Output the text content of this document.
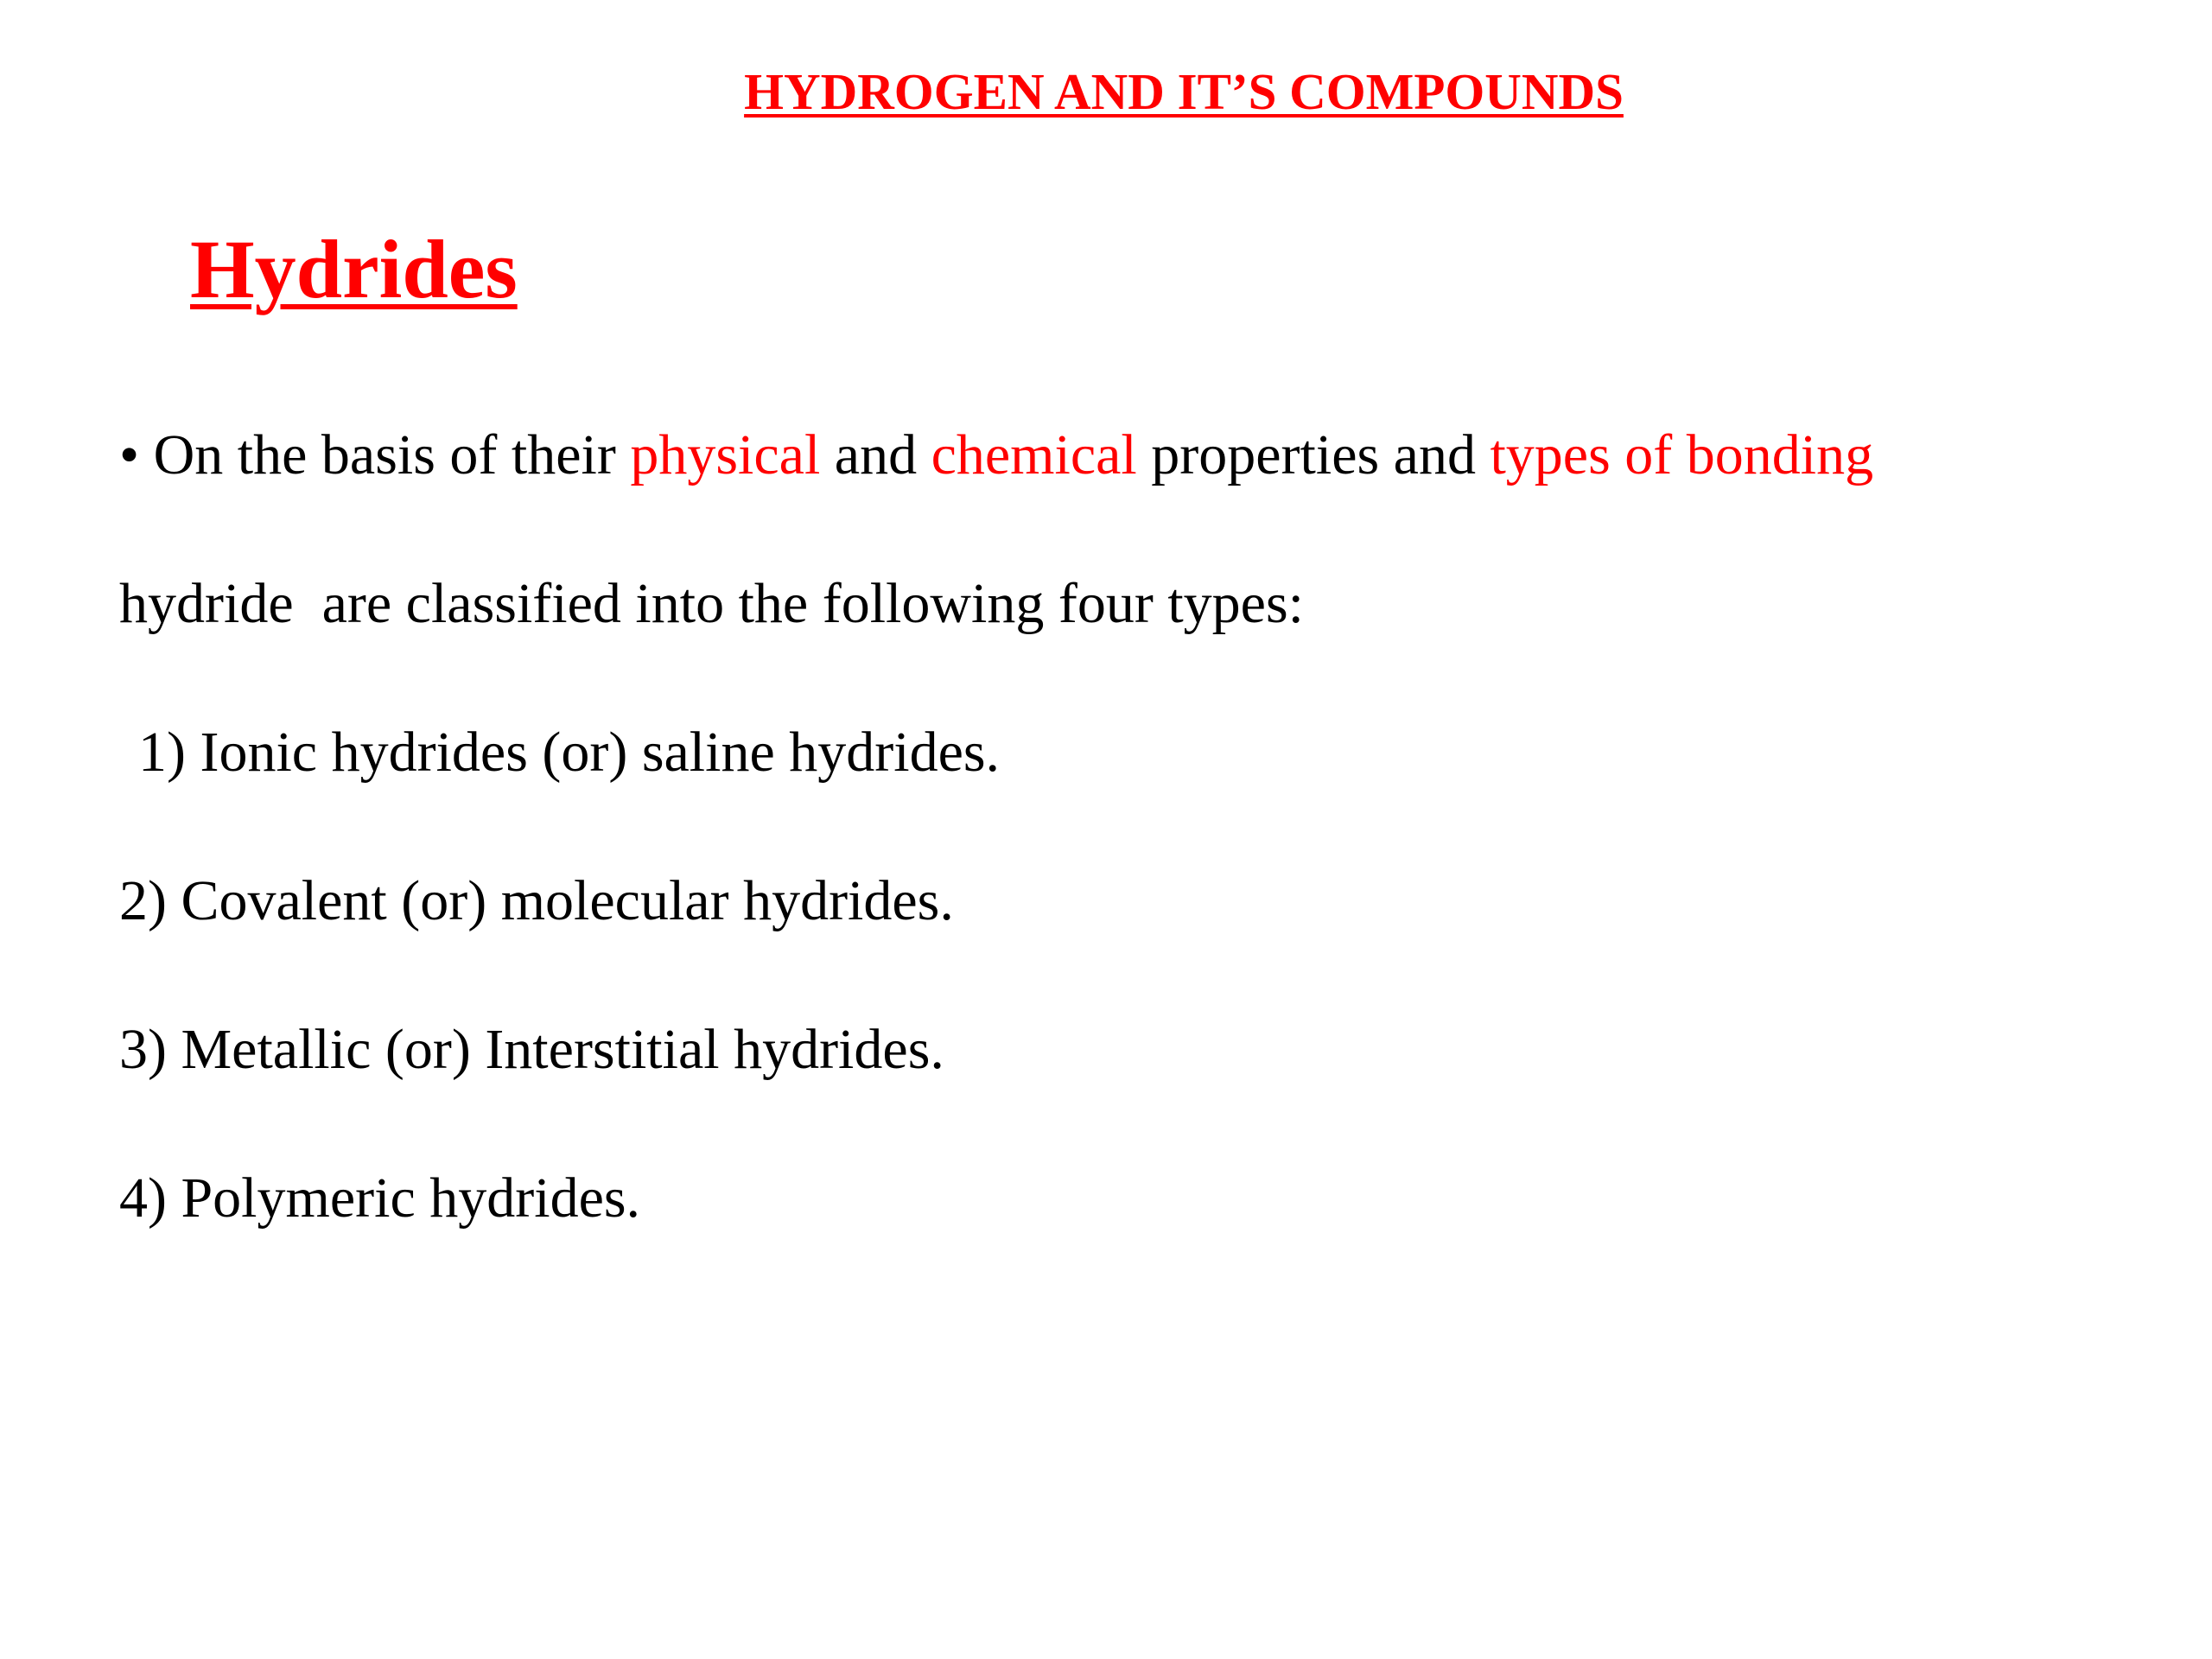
HYDROGEN AND IT’S COMPOUNDS
Hydrides
• On the basis of their physical and chemical properties and types of bonding
hydride  are classified into the following four types:
1) Ionic hydrides (or) saline hydrides.
2) Covalent (or) molecular hydrides.
3) Metallic (or) Interstitial hydrides.
4) Polymeric hydrides.
